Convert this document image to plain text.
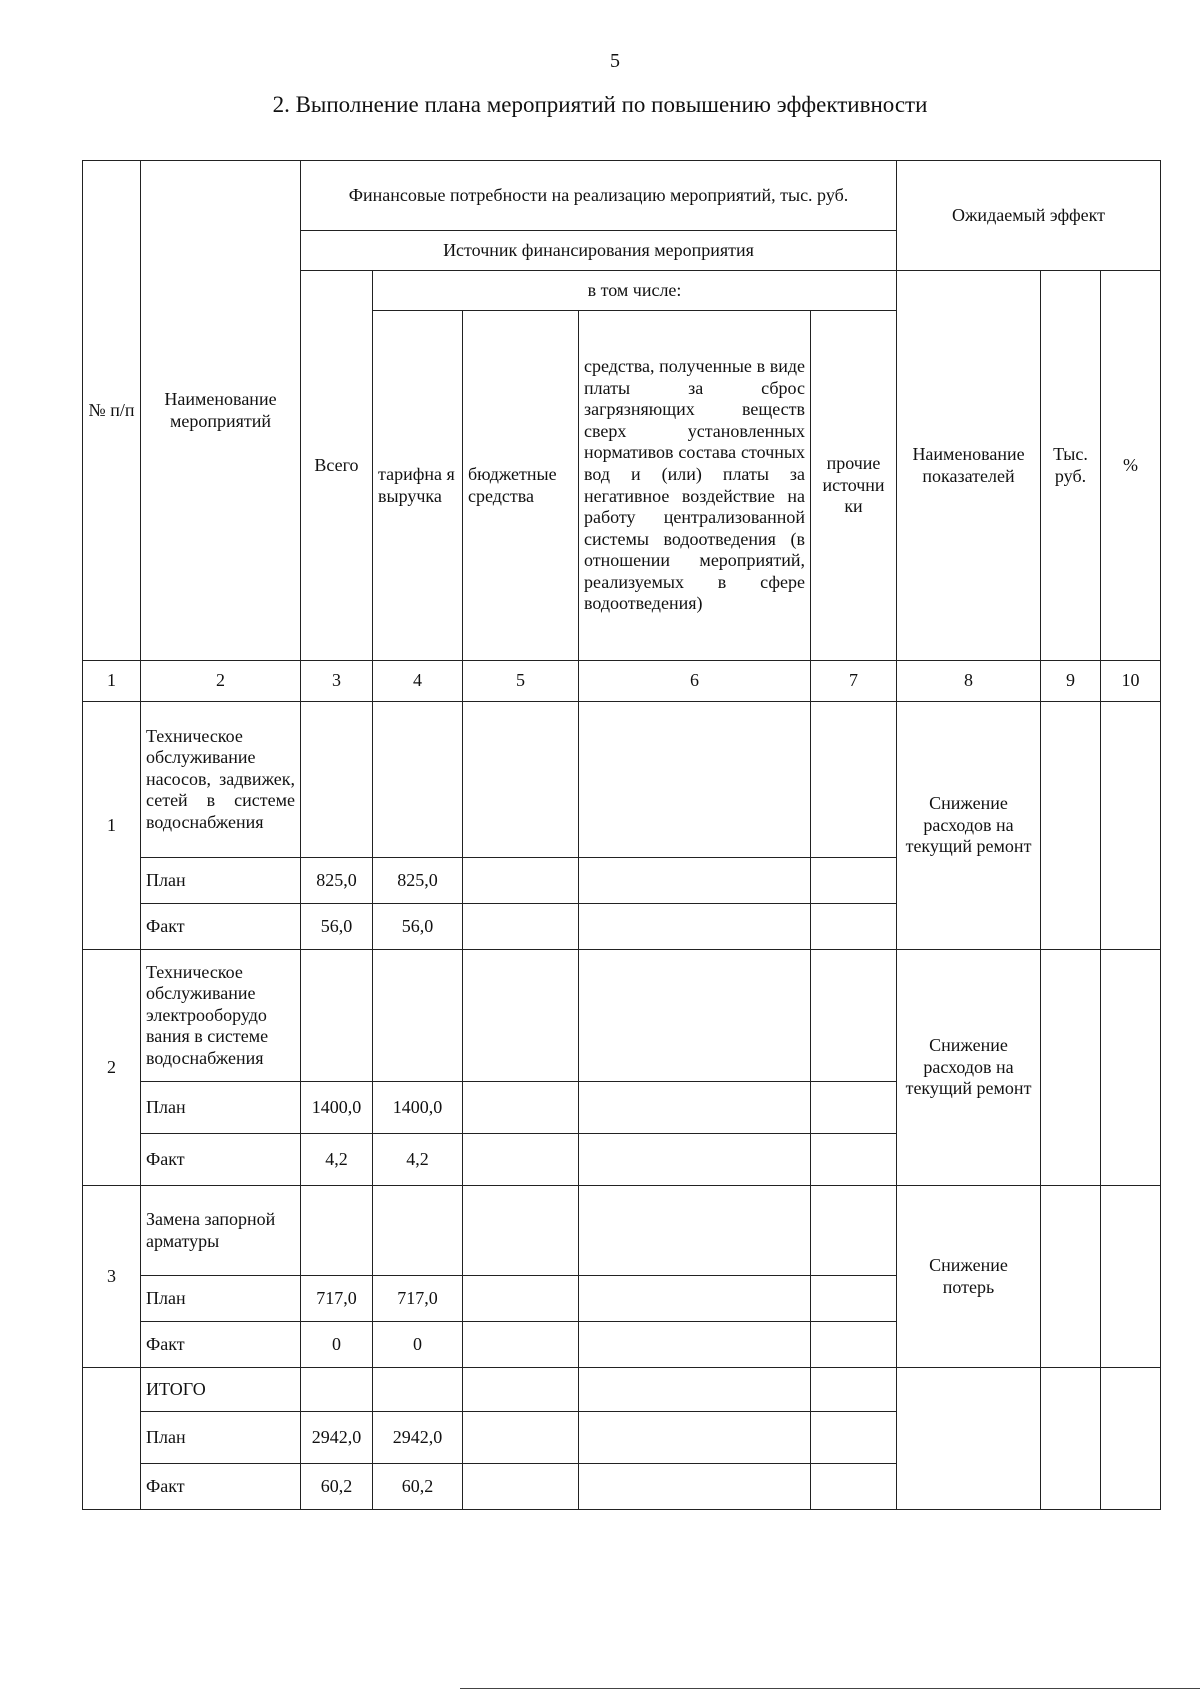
5
2. Выполнение плана мероприятий по повышению эффективности
№ п/п	Наименование мероприятий	Финансовые потребности на реализацию мероприятий, тыс. руб.					Ожидаемый эффект		
		Источник финансирования мероприятия							
		Всего	в том числе:				Наименование показателей	Тыс. руб.	%
			тарифна я выручка	бюджетные средства	средства, полученные в виде платы за сброс загрязняющих веществ сверх установленных нормативов состава сточных вод и (или) платы за негативное воздействие на работу централизованной системы водоотведения (в отношении мероприятий, реализуемых в сфере водоотведения)	прочие источни ки			
1	2	3	4	5	6	7	8	9	10
1	Техническое обслуживание насосов, задвижек, сетей в системе водоснабжения						Снижение расходов на текущий ремонт		
	План	825,0	825,0						
	Факт	56,0	56,0						
2	Техническое обслуживание электрооборудо вания в системе водоснабжения						Снижение расходов на текущий ремонт		
	План	1400,0	1400,0						
	Факт	4,2	4,2						
3	Замена запорной арматуры						Снижение потерь		
	План	717,0	717,0						
	Факт	0	0						
	ИТОГО								
	План	2942,0	2942,0						
	Факт	60,2	60,2						
